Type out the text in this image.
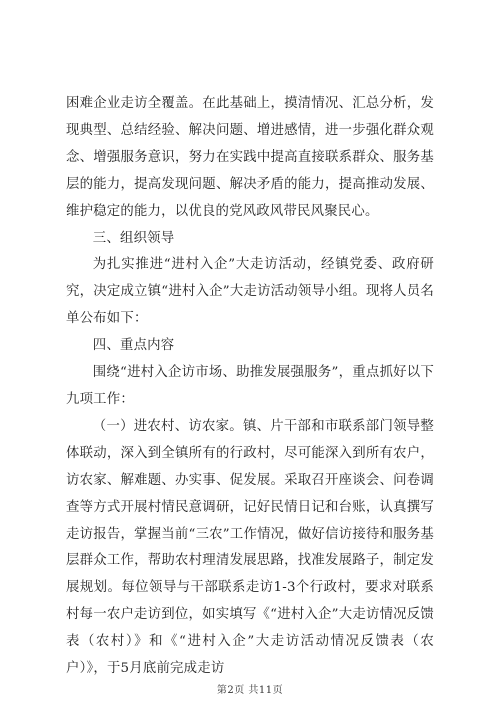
困难企业走访全覆盖。在此基础上，摸清情况、汇总分析，发现典型、总结经验、解决问题、增进感情，进一步强化群众观念、增强服务意识，努力在实践中提高直接联系群众、服务基层的能力，提高发现问题、解决矛盾的能力，提高推动发展、维护稳定的能力，以优良的党风政风带民风聚民心。

三、组织领导

为扎实推进“进村入企”大走访活动，经镇党委、政府研究，决定成立镇“进村入企”大走访活动领导小组。现将人员名单公布如下：

四、重点内容

围绕“进村入企访市场、助推发展强服务”，重点抓好以下九项工作：

（一）进农村、访农家。镇、片干部和市联系部门领导整体联动，深入到全镇所有的行政村，尽可能深入到所有农户，访农家、解难题、办实事、促发展。采取召开座谈会、问卷调查等方式开展村情民意调研，记好民情日记和台账，认真撰写走访报告，掌握当前“三农”工作情况，做好信访接待和服务基层群众工作，帮助农村理清发展思路，找准发展路子，制定发展规划。每位领导与干部联系走访1-3个行政村，要求对联系村每一农户走访到位，如实填写《“进村入企”大走访情况反馈表（农村）》和《“进村入企”大走访活动情况反馈表（农户）》，于5月底前完成走访

第2页 共11页
